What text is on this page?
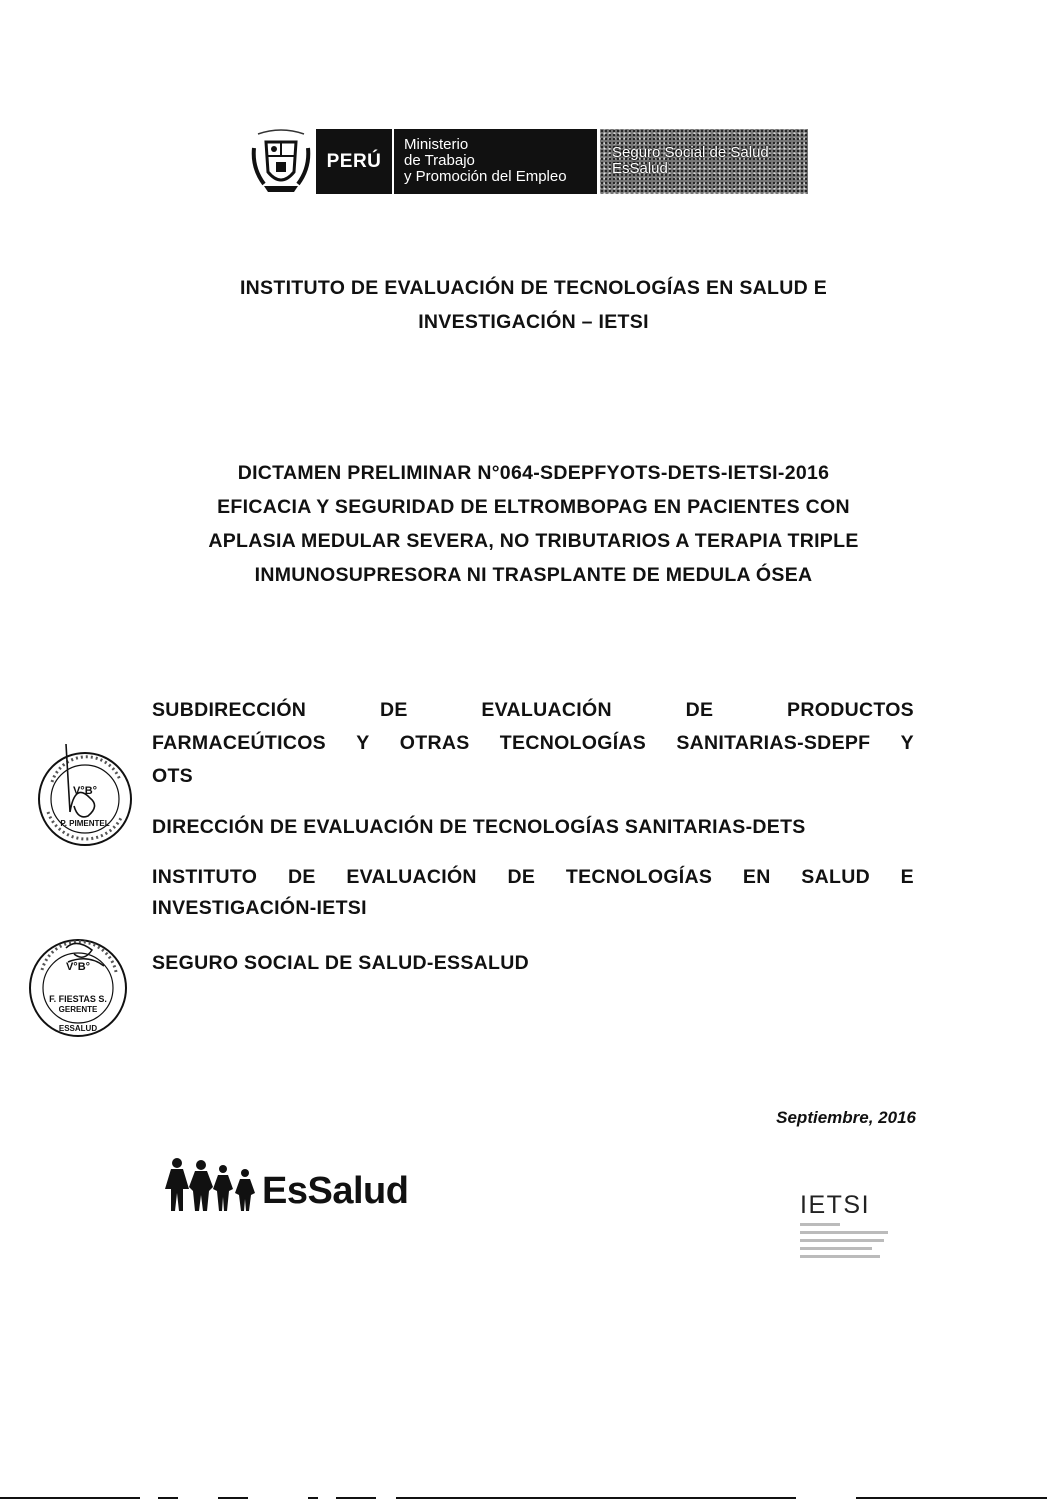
PERÚ
Ministerio
de Trabajo
y Promoción del Empleo
Seguro Social de Salud
EsSalud
INSTITUTO DE EVALUACIÓN DE TECNOLOGÍAS EN SALUD E
INVESTIGACIÓN – IETSI
DICTAMEN PRELIMINAR N°064-SDEPFYOTS-DETS-IETSI-2016
EFICACIA Y SEGURIDAD DE ELTROMBOPAG EN PACIENTES CON
APLASIA MEDULAR SEVERA, NO TRIBUTARIOS A TERAPIA TRIPLE
INMUNOSUPRESORA NI TRASPLANTE DE MEDULA ÓSEA
SUBDIRECCIÓN	DE	EVALUACIÓN	DE	PRODUCTOS
FARMACEÚTICOS Y OTRAS TECNOLOGÍAS SANITARIAS-SDEPF Y
OTS
DIRECCIÓN DE EVALUACIÓN DE TECNOLOGÍAS SANITARIAS-DETS
INSTITUTO DE EVALUACIÓN DE TECNOLOGÍAS EN SALUD E
INVESTIGACIÓN-IETSI
SEGURO SOCIAL DE SALUD-ESSALUD
V°B°
P. PIMENTEL
V°B°
F. FIESTAS S.
GERENTE
ESSALUD
Septiembre, 2016
EsSalud	IETSI
